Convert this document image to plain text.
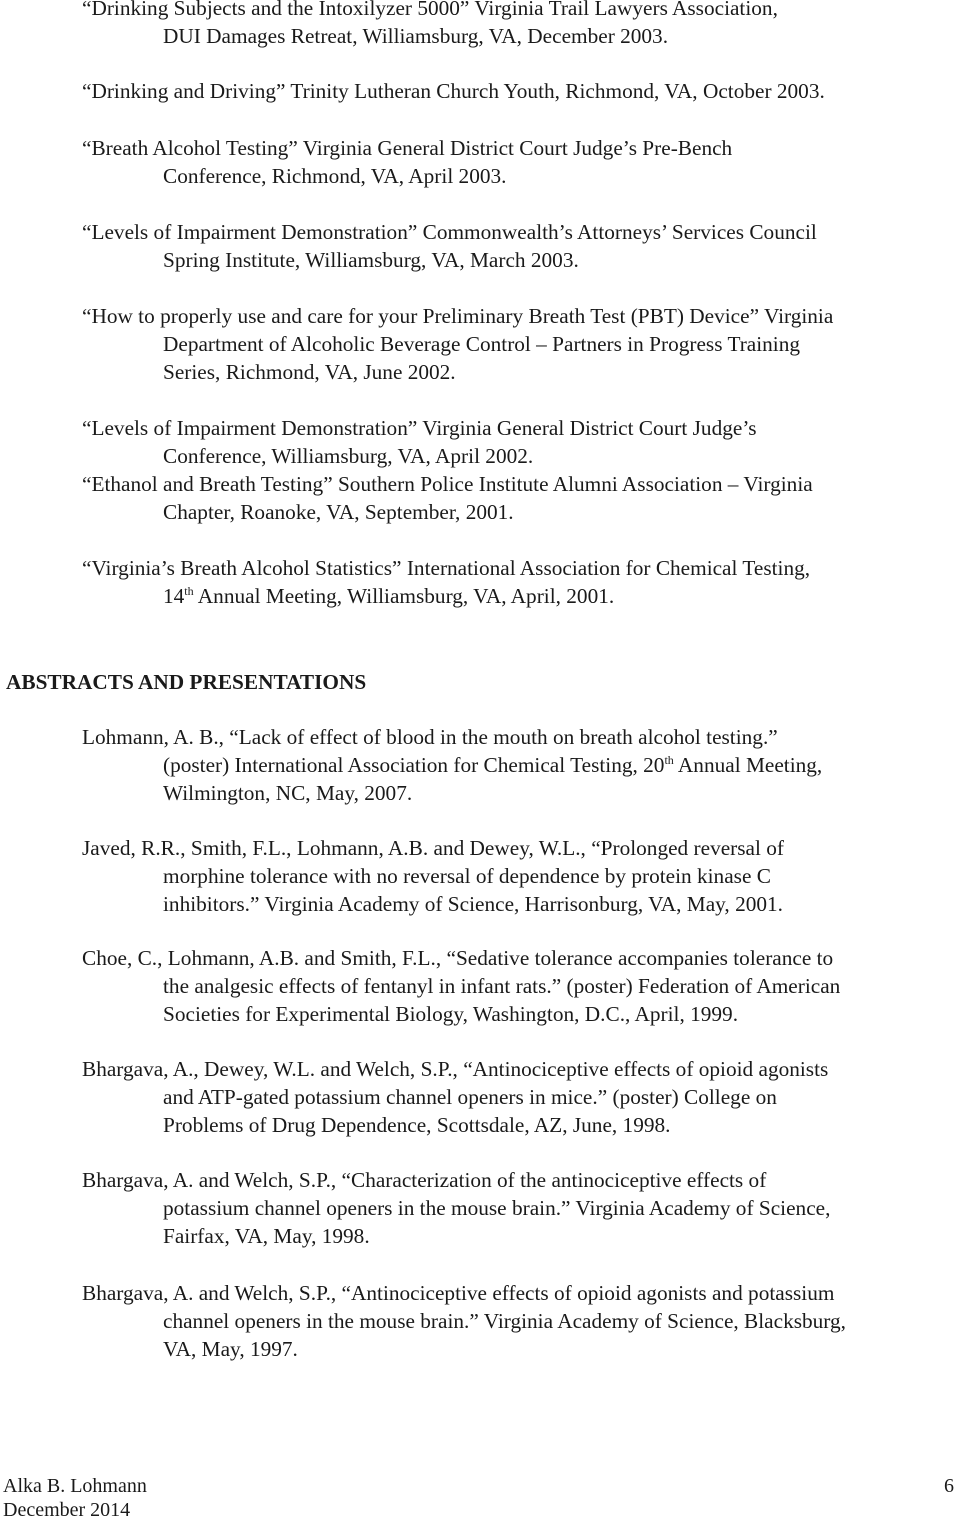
“Drinking Subjects and the Intoxilyzer 5000” Virginia Trail Lawyers Association,
DUI Damages Retreat, Williamsburg, VA, December 2003.
“Drinking and Driving” Trinity Lutheran Church Youth, Richmond, VA, October 2003.
“Breath Alcohol Testing” Virginia General District Court Judge’s Pre-Bench
Conference, Richmond, VA, April 2003.
“Levels of Impairment Demonstration” Commonwealth’s Attorneys’ Services Council
Spring Institute, Williamsburg, VA, March 2003.
“How to properly use and care for your Preliminary Breath Test (PBT) Device” Virginia
Department of Alcoholic Beverage Control – Partners in Progress Training
Series, Richmond, VA, June 2002.
“Levels of Impairment Demonstration” Virginia General District Court Judge’s
Conference, Williamsburg, VA, April 2002.
“Ethanol and Breath Testing” Southern Police Institute Alumni Association – Virginia
Chapter, Roanoke, VA, September, 2001.
“Virginia’s Breath Alcohol Statistics” International Association for Chemical Testing,
14th Annual Meeting, Williamsburg, VA, April, 2001.
ABSTRACTS AND PRESENTATIONS
Lohmann, A. B., “Lack of effect of blood in the mouth on breath alcohol testing.”
(poster) International Association for Chemical Testing, 20th Annual Meeting,
Wilmington, NC, May, 2007.
Javed, R.R., Smith, F.L., Lohmann, A.B. and Dewey, W.L., “Prolonged reversal of
morphine tolerance with no reversal of dependence by protein kinase C
inhibitors.” Virginia Academy of Science, Harrisonburg, VA, May, 2001.
Choe, C., Lohmann, A.B. and Smith, F.L., “Sedative tolerance accompanies tolerance to
the analgesic effects of fentanyl in infant rats.” (poster) Federation of American
Societies for Experimental Biology, Washington, D.C., April, 1999.
Bhargava, A., Dewey, W.L. and Welch, S.P., “Antinociceptive effects of opioid agonists
and ATP-gated potassium channel openers in mice.” (poster) College on
Problems of Drug Dependence, Scottsdale, AZ, June, 1998.
Bhargava, A. and Welch, S.P., “Characterization of the antinociceptive effects of
potassium channel openers in the mouse brain.” Virginia Academy of Science,
Fairfax, VA, May, 1998.
Bhargava, A. and Welch, S.P., “Antinociceptive effects of opioid agonists and potassium
channel openers in the mouse brain.” Virginia Academy of Science, Blacksburg,
VA, May, 1997.
Alka B. Lohmann
December 2014
6
